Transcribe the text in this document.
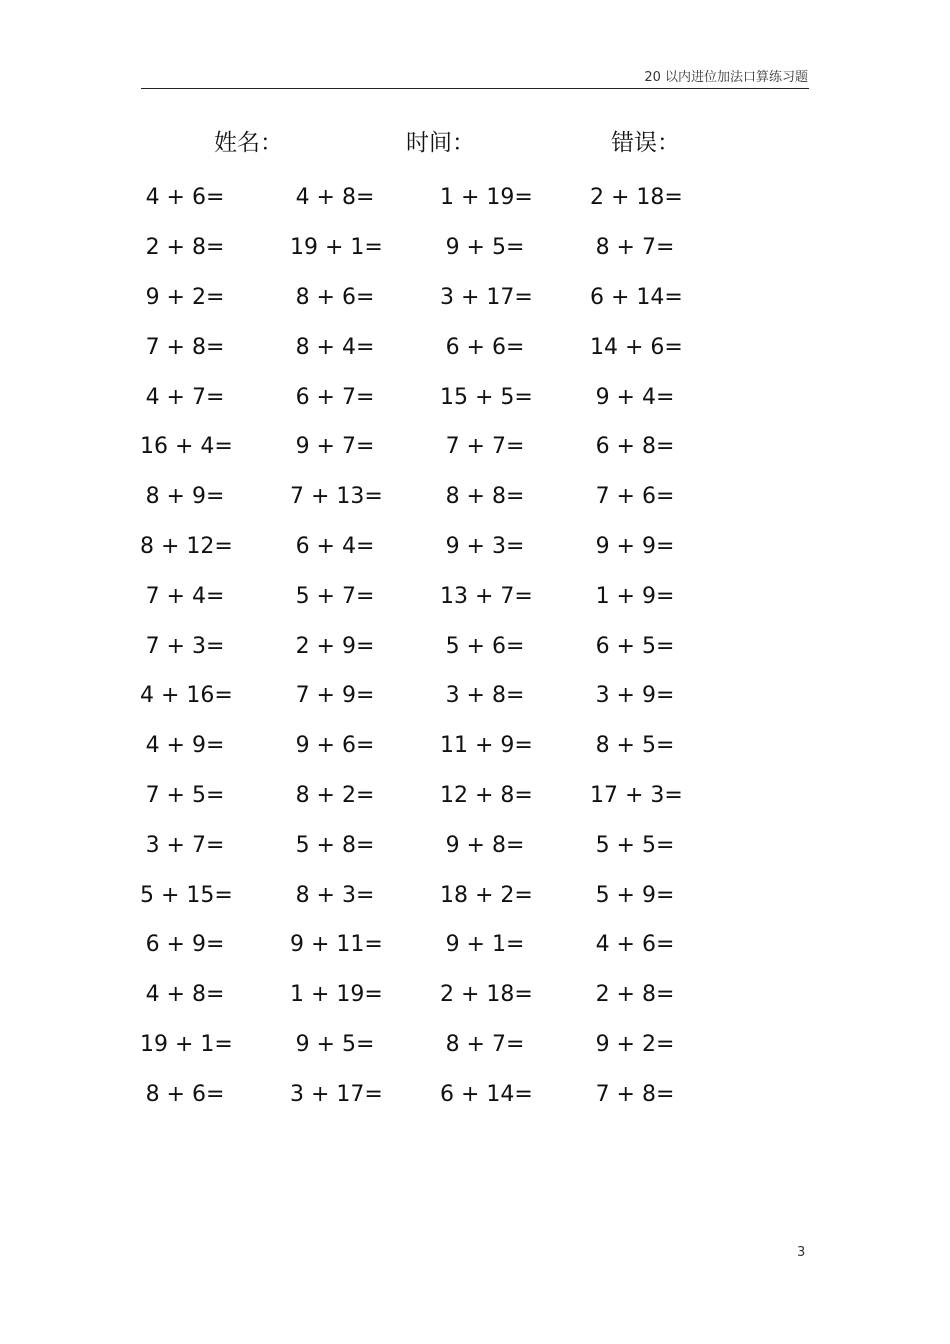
20 以内进位加法口算练习题
姓名：	时间：	错误：
4 + 6=	4 + 8=	1 + 19=	2 + 18=
2 + 8=	19 + 1=	9 + 5=	8 + 7=
9 + 2=	8 + 6=	3 + 17=	6 + 14=
7 + 8=	8 + 4=	6 + 6=	14 + 6=
4 + 7=	6 + 7=	15 + 5=	9 + 4=
16 + 4=	9 + 7=	7 + 7=	6 + 8=
8 + 9=	7 + 13=	8 + 8=	7 + 6=
8 + 12=	6 + 4=	9 + 3=	9 + 9=
7 + 4=	5 + 7=	13 + 7=	1 + 9=
7 + 3=	2 + 9=	5 + 6=	6 + 5=
4 + 16=	7 + 9=	3 + 8=	3 + 9=
4 + 9=	9 + 6=	11 + 9=	8 + 5=
7 + 5=	8 + 2=	12 + 8=	17 + 3=
3 + 7=	5 + 8=	9 + 8=	5 + 5=
5 + 15=	8 + 3=	18 + 2=	5 + 9=
6 + 9=	9 + 11=	9 + 1=	4 + 6=
4 + 8=	1 + 19=	2 + 18=	2 + 8=
19 + 1=	9 + 5=	8 + 7=	9 + 2=
8 + 6=	3 + 17=	6 + 14=	7 + 8=
3
